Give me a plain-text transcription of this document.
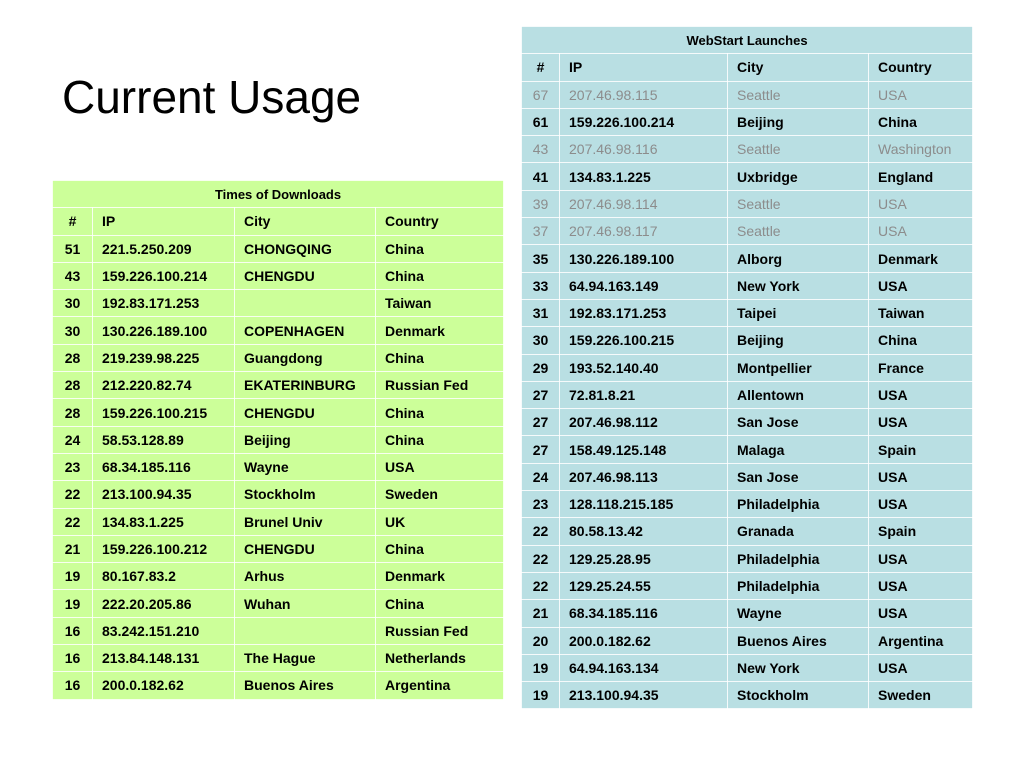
Current Usage
Times of Downloads			
#	IP	City	Country
51	221.5.250.209	CHONGQING	China
43	159.226.100.214	CHENGDU	China
30	192.83.171.253		Taiwan
30	130.226.189.100	COPENHAGEN	Denmark
28	219.239.98.225	Guangdong	China
28	212.220.82.74	EKATERINBURG	Russian Fed
28	159.226.100.215	CHENGDU	China
24	58.53.128.89	Beijing	China
23	68.34.185.116	Wayne	USA
22	213.100.94.35	Stockholm	Sweden
22	134.83.1.225	Brunel Univ	UK
21	159.226.100.212	CHENGDU	China
19	80.167.83.2	Arhus	Denmark
19	222.20.205.86	Wuhan	China
16	83.242.151.210		Russian Fed
16	213.84.148.131	The Hague	Netherlands
16	200.0.182.62	Buenos Aires	Argentina
WebStart Launches			
#	IP	City	Country
67	207.46.98.115	Seattle	USA
61	159.226.100.214	Beijing	China
43	207.46.98.116	Seattle	Washington
41	134.83.1.225	Uxbridge	England
39	207.46.98.114	Seattle	USA
37	207.46.98.117	Seattle	USA
35	130.226.189.100	Alborg	Denmark
33	64.94.163.149	New York	USA
31	192.83.171.253	Taipei	Taiwan
30	159.226.100.215	Beijing	China
29	193.52.140.40	Montpellier	France
27	72.81.8.21	Allentown	USA
27	207.46.98.112	San Jose	USA
27	158.49.125.148	Malaga	Spain
24	207.46.98.113	San Jose	USA
23	128.118.215.185	Philadelphia	USA
22	80.58.13.42	Granada	Spain
22	129.25.28.95	Philadelphia	USA
22	129.25.24.55	Philadelphia	USA
21	68.34.185.116	Wayne	USA
20	200.0.182.62	Buenos Aires	Argentina
19	64.94.163.134	New York	USA
19	213.100.94.35	Stockholm	Sweden
